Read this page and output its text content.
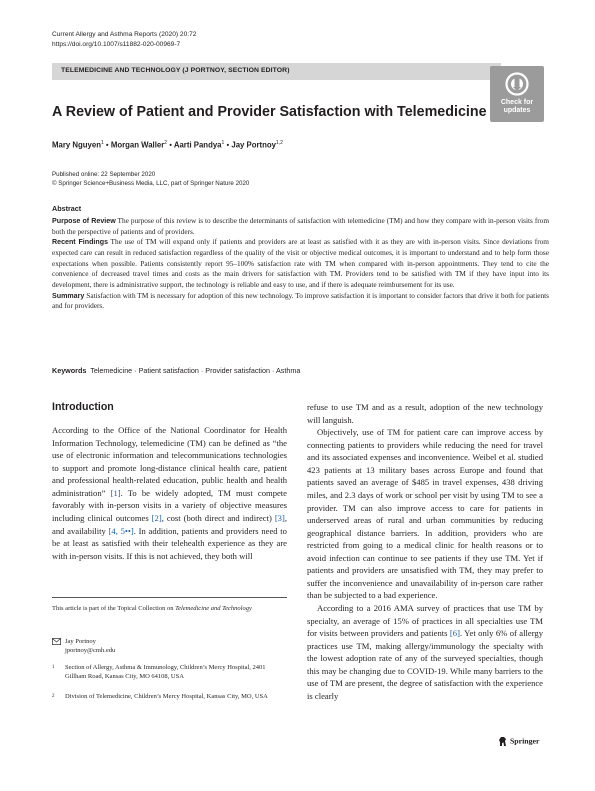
Current Allergy and Asthma Reports (2020) 20:72
https://doi.org/10.1007/s11882-020-00969-7
TELEMEDICINE AND TECHNOLOGY (J PORTNOY, SECTION EDITOR)
Check for
updates
A Review of Patient and Provider Satisfaction with Telemedicine
Mary Nguyen$^1$ • Morgan Waller$^2$ • Aarti Pandya$^1$ • Jay Portnoy$^{1,2}$
Published online: 22 September 2020
© Springer Science+Business Media, LLC, part of Springer Nature 2020
Abstract

Purpose of Review The purpose of this review is to describe the determinants of satisfaction with telemedicine (TM) and how they compare with in-person visits from both the perspective of patients and of providers.

Recent Findings The use of TM will expand only if patients and providers are at least as satisfied with it as they are with in-person visits. Since deviations from expected care can result in reduced satisfaction regardless of the quality of the visit or objective medical outcomes, it is important to understand and to help form those expectations when possible. Patients consistently report 95–100% satisfaction rate with TM when compared with in-person appointments. They tend to cite the convenience of decreased travel times and costs as the main drivers for satisfaction with TM. Providers tend to be satisfied with TM if they have input into its development, there is administrative support, the technology is reliable and easy to use, and if there is adequate reimbursement for its use.

Summary Satisfaction with TM is necessary for adoption of this new technology. To improve satisfaction it is important to consider factors that drive it both for patients and for providers.

Keywords Telemedicine · Patient satisfaction · Provider satisfaction · Asthma
Introduction

According to the Office of the National Coordinator for Health Information Technology, telemedicine (TM) can be defined as “the use of electronic information and telecommunications technologies to support and promote long-distance clinical health care, patient and professional health-related education, public health and health administration” [1]. To be widely adopted, TM must compete favorably with in-person visits in a variety of objective measures including clinical outcomes [2], cost (both direct and indirect) [3], and availability [4, 5••]. In addition, patients and providers need to be at least as satisfied with their telehealth experience as they are with in-person visits. If this is not achieved, they both will

refuse to use TM and as a result, adoption of the new technology will languish.

Objectively, use of TM for patient care can improve access by connecting patients to providers while reducing the need for travel and its associated expenses and inconvenience. Weibel et al. studied 423 patients at 13 military bases across Europe and found that patients saved an average of $485 in travel expenses, 438 driving miles, and 2.3 days of work or school per visit by using TM to see a provider. TM can also improve access to care for patients in underserved areas of rural and urban communities by reducing geographical distance barriers. In addition, providers who are restricted from going to a medical clinic for health reasons or to avoid infection can continue to see patients if they use TM. Yet if patients and providers are unsatisfied with TM, they may prefer to suffer the inconvenience and unavailability of in-person care rather than be subjected to a bad experience.

According to a 2016 AMA survey of practices that use TM by specialty, an average of 15% of practices in all specialties use TM for visits between providers and patients [6]. Yet only 6% of allergy practices use TM, making allergy/immunology the specialty with the lowest adoption rate of any of the surveyed specialties, though this may be changing due to COVID-19. While many barriers to the use of TM are present, the degree of satisfaction with the experience is clearly

This article is part of the Topical Collection on Telemedicine and Technology
Jay Portnoy
jportnoy@cmh.edu
1 Section of Allergy, Asthma & Immunology, Children’s Mercy Hospital, 2401 Gillham Road, Kansas City, MO 64108, USA
2 Division of Telemedicine, Children’s Mercy Hospital, Kansas City, MO, USA
Springer
